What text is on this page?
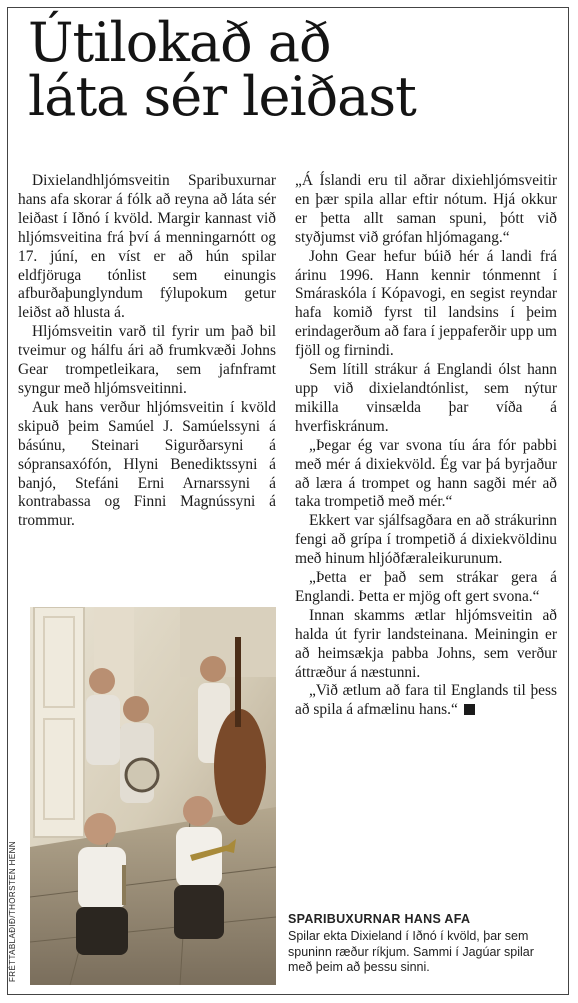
Útilokað að
láta sér leiðast

Dixielandhljómsveitin Sparibuxurnar hans afa skorar á fólk að reyna að láta sér leiðast í Iðnó í kvöld. Margir kannast við hljómsveitina frá því á menningarnótt og 17. júní, en víst er að hún spilar eldfjöruga tónlist sem einungis afburðaþunglyndum fýlupokum getur leiðst að hlusta á.

Hljómsveitin varð til fyrir um það bil tveimur og hálfu ári að frumkvæði Johns Gear trompetleikara, sem jafnframt syngur með hljómsveitinni.

Auk hans verður hljómsveitin í kvöld skipuð þeim Samúel J. Samúelssyni á básúnu, Steinari Sigurðarsyni á sópransaxófón, Hlyni Benediktssyni á banjó, Stefáni Erni Arnarssyni á kontrabassa og Finni Magnússyni á trommur.

„Á Íslandi eru til aðrar dixiehljómsveitir en þær spila allar eftir nótum. Hjá okkur er þetta allt saman spuni, þótt við styðjumst við grófan hljómagang.“

John Gear hefur búið hér á landi frá árinu 1996. Hann kennir tónmennt í Smáraskóla í Kópavogi, en segist reyndar hafa komið fyrst til landsins í þeim erindagerðum að fara í jeppaferðir upp um fjöll og firnindi.

Sem lítill strákur á Englandi ólst hann upp við dixielandtónlist, sem nýtur mikilla vinsælda þar víða á hverfiskránum.

„Þegar ég var svona tíu ára fór pabbi með mér á dixiekvöld. Ég var þá byrjaður að læra á trompet og hann sagði mér að taka trompetið með mér.“

Ekkert var sjálfsagðara en að strákurinn fengi að grípa í trompetið á dixiekvöldinu með hinum hljóðfæraleikurunum.

„Þetta er það sem strákar gera á Englandi. Þetta er mjög oft gert svona.“

Innan skamms ætlar hljómsveitin að halda út fyrir landsteinana. Meiningin er að heimsækja pabba Johns, sem verður áttræður á næstunni.

„Við ætlum að fara til Englands til þess að spila á afmælinu hans.“

FRÉTTABLAÐIÐ/THORSTEN HENN	SPARIBUXURNAR HANS AFA
Spilar ekta Dixieland í Iðnó í kvöld, þar sem spuninn ræður ríkjum. Sammi í Jagúar spilar með þeim að þessu sinni.
